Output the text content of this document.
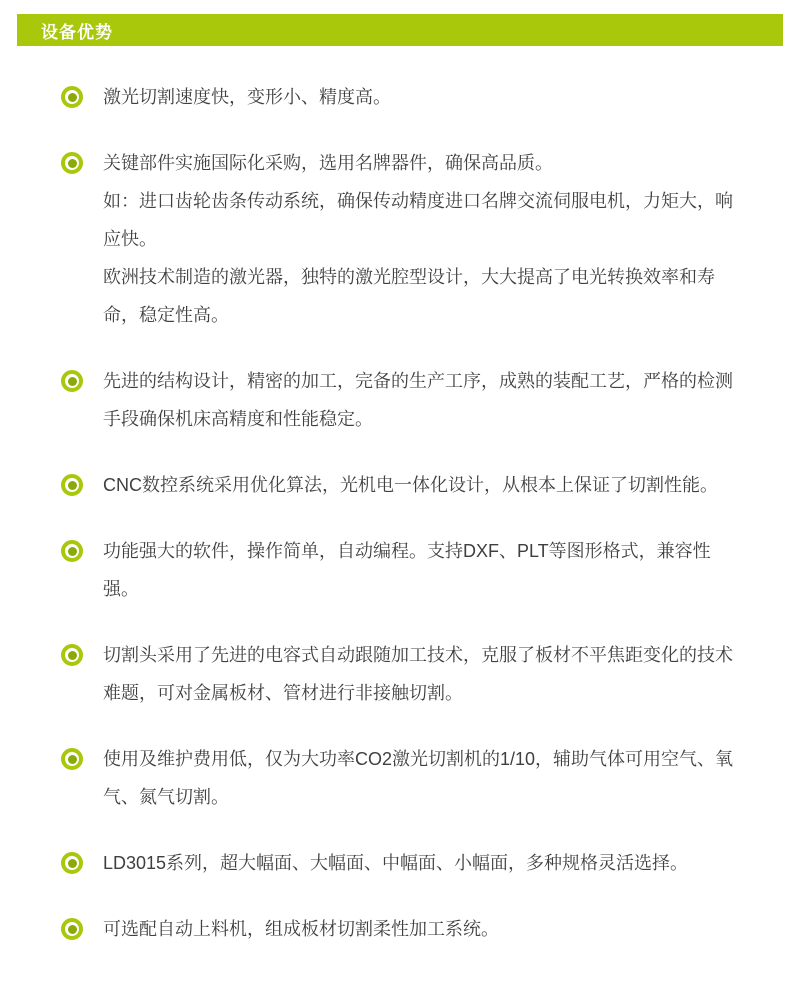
设备优势

激光切割速度快，变形小、精度高。

关键部件实施国际化采购，选用名牌器件，确保高品质。

如：进口齿轮齿条传动系统，确保传动精度进口名牌交流伺服电机，力矩大，响应快。

欧洲技术制造的激光器，独特的激光腔型设计，大大提高了电光转换效率和寿命，稳定性高。

先进的结构设计，精密的加工，完备的生产工序，成熟的装配工艺，严格的检测手段确保机床高精度和性能稳定。

CNC数控系统采用优化算法，光机电一体化设计，从根本上保证了切割性能。

功能强大的软件，操作简单，自动编程。支持DXF、PLT等图形格式，兼容性强。

切割头采用了先进的电容式自动跟随加工技术，克服了板材不平焦距变化的技术难题，可对金属板材、管材进行非接触切割。

使用及维护费用低，仅为大功率CO2激光切割机的1/10，辅助气体可用空气、氧气、氮气切割。

LD3015系列，超大幅面、大幅面、中幅面、小幅面，多种规格灵活选择。

可选配自动上料机，组成板材切割柔性加工系统。
